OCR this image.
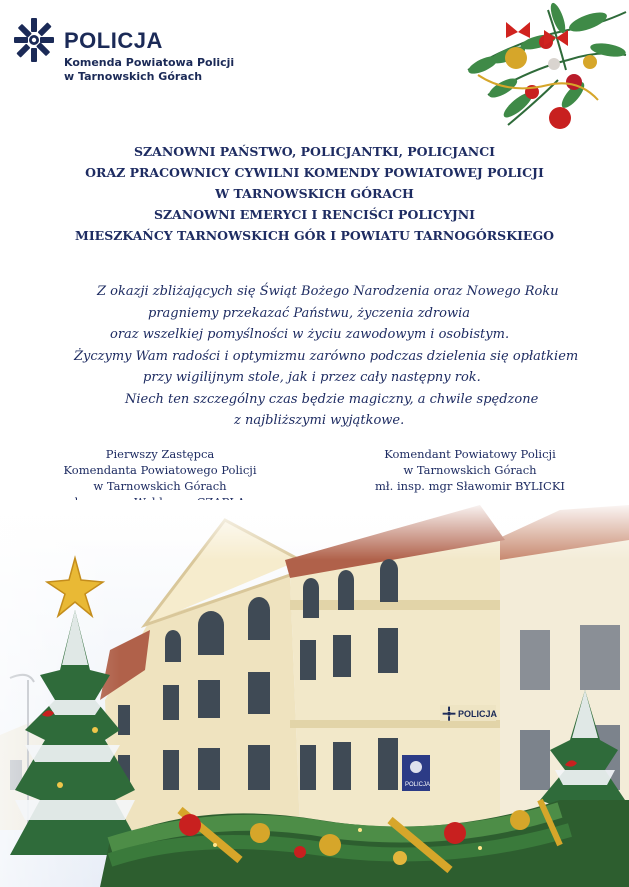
POLICJA
Komenda Powiatowa Policji
w Tarnowskich Górach
SZANOWNI PAŃSTWO, POLICJANTKI, POLICJANCI
ORAZ PRACOWNICY CYWILNI KOMENDY POWIATOWEJ POLICJI
W TARNOWSKICH GÓRACH
SZANOWNI EMERYCI I RENCIŚCI POLICYJNI
MIESZKAŃCY TARNOWSKICH GÓR I POWIATU TARNOGÓRSKIEGO
Z okazji zbliżających się Świąt Bożego Narodzenia oraz Nowego Roku
pragniemy przekazać Państwu, życzenia zdrowia
oraz wszelkiej pomyślności w życiu zawodowym i osobistym.
Życzymy Wam radości i optymizmu zarówno podczas dzielenia się opłatkiem
przy wigilijnym stole, jak i przez cały następny rok.
Niech ten szczególny czas będzie magiczny, a chwile spędzone
z najbliższymi wyjątkowe.
Pierwszy Zastępca
Komendanta Powiatowego Policji
w Tarnowskich Górach
Komendant Powiatowy Policji
w Tarnowskich Górach
mł. insp. mgr Sławomir BYLICKI
POLICJA
POLICJA
